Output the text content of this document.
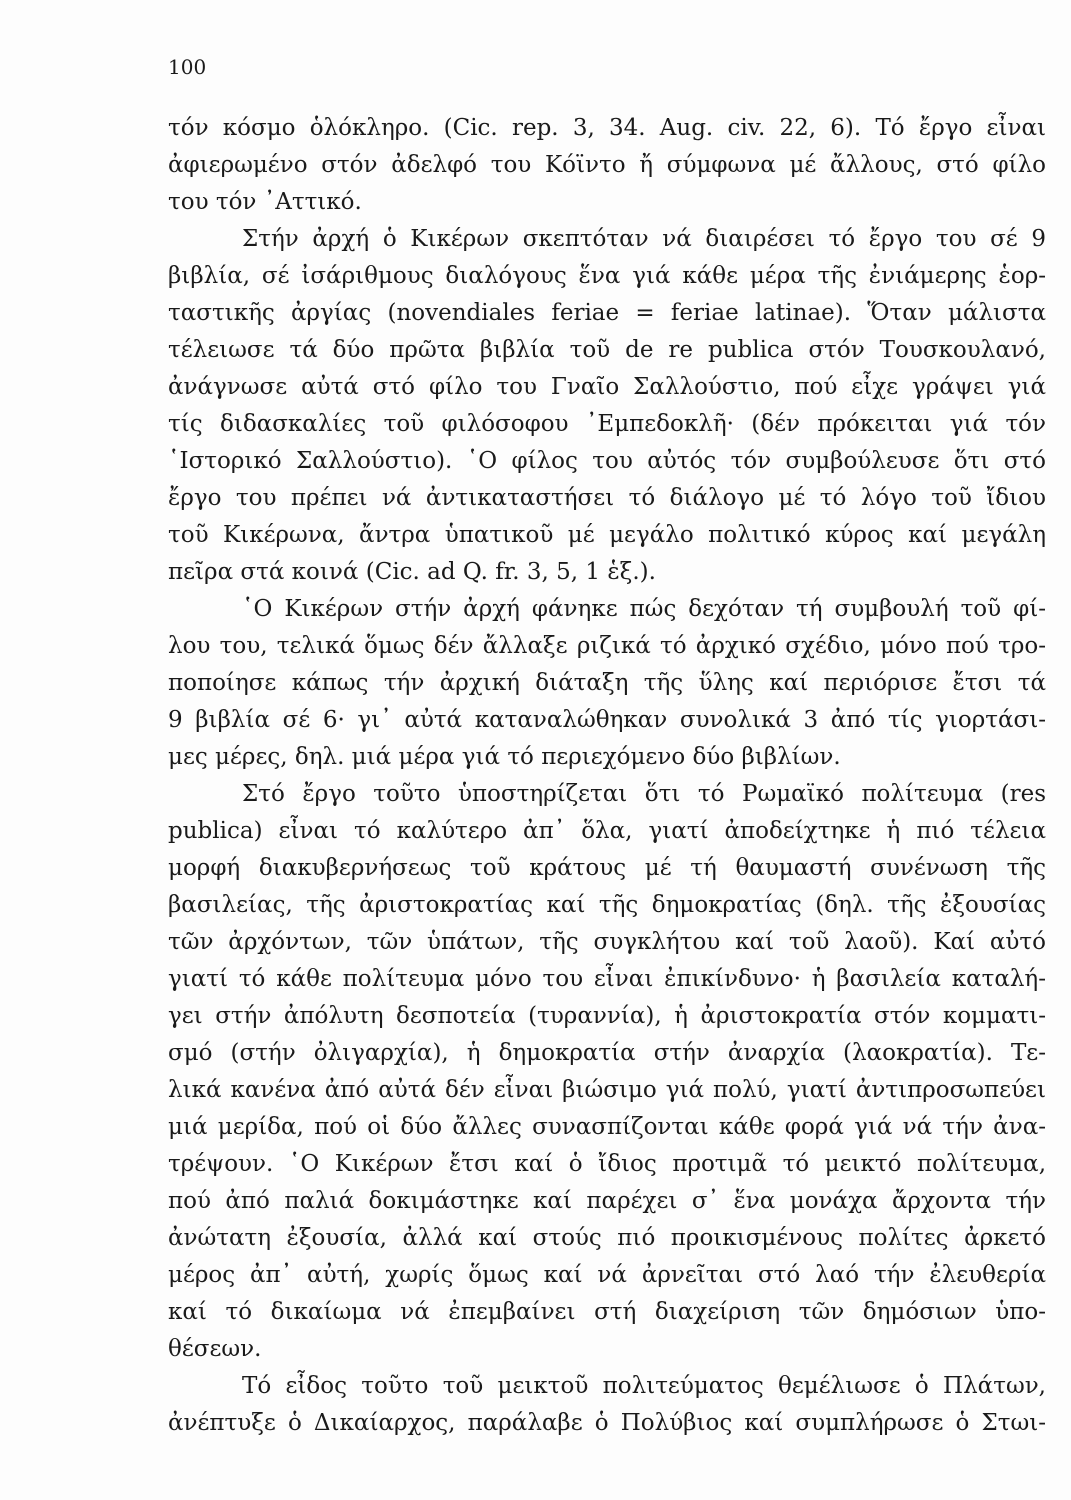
100
τόν κόσμο ὁλόκληρο. (Cic. rep. 3, 34. Aug. civ. 22, 6). Τό ἔργο εἶναι
ἀφιερωμένο στόν ἀδελφό του Κόϊντο ἤ σύμφωνα μέ ἄλλους, στό φίλο
του τόν ᾿Αττικό.
Στήν ἀρχή ὁ Κικέρων σκεπτόταν νά διαιρέσει τό ἔργο του σέ 9
βιβλία, σέ ἰσάριθμους διαλόγους ἕνα γιά κάθε μέρα τῆς ἐνιάμερης ἑορ-
ταστικῆς ἀργίας (novendiales feriae = feriae latinae). Ὅταν μάλιστα
τέλειωσε τά δύο πρῶτα βιβλία τοῦ de re publica στόν Τουσκουλανό,
ἀνάγνωσε αὐτά στό φίλο του Γναῖο Σαλλούστιο, πού εἶχε γράψει γιά
τίς διδασκαλίες τοῦ φιλόσοφου ᾿Εμπεδοκλῆ· (δέν πρόκειται γιά τόν
῾Ιστορικό Σαλλούστιο). ῾Ο φίλος του αὐτός τόν συμβούλευσε ὅτι στό
ἔργο του πρέπει νά ἀντικαταστήσει τό διάλογο μέ τό λόγο τοῦ ἴδιου
τοῦ Κικέρωνα, ἄντρα ὑπατικοῦ μέ μεγάλο πολιτικό κύρος καί μεγάλη
πεῖρα στά κοινά (Cic. ad Q. fr. 3, 5, 1 ἑξ.).
῾Ο Κικέρων στήν ἀρχή φάνηκε πώς δεχόταν τή συμβουλή τοῦ φί-
λου του, τελικά ὅμως δέν ἄλλαξε ριζικά τό ἀρχικό σχέδιο, μόνο πού τρο-
ποποίησε κάπως τήν ἀρχική διάταξη τῆς ὕλης καί περιόρισε ἔτσι τά
9 βιβλία σέ 6· γι᾿ αὐτά καταναλώθηκαν συνολικά 3 ἀπό τίς γιορτάσι-
μες μέρες, δηλ. μιά μέρα γιά τό περιεχόμενο δύο βιβλίων.
Στό ἔργο τοῦτο ὑποστηρίζεται ὅτι τό Ρωμαϊκό πολίτευμα (res
publica) εἶναι τό καλύτερο ἀπ᾿ ὅλα, γιατί ἀποδείχτηκε ἡ πιό τέλεια
μορφή διακυβερνήσεως τοῦ κράτους μέ τή θαυμαστή συνένωση τῆς
βασιλείας, τῆς ἀριστοκρατίας καί τῆς δημοκρατίας (δηλ. τῆς ἐξουσίας
τῶν ἀρχόντων, τῶν ὑπάτων, τῆς συγκλήτου καί τοῦ λαοῦ). Καί αὐτό
γιατί τό κάθε πολίτευμα μόνο του εἶναι ἐπικίνδυνο· ἡ βασιλεία καταλή-
γει στήν ἀπόλυτη δεσποτεία (τυραννία), ἡ ἀριστοκρατία στόν κομματι-
σμό (στήν ὀλιγαρχία), ἡ δημοκρατία στήν ἀναρχία (λαοκρατία). Τε-
λικά κανένα ἀπό αὐτά δέν εἶναι βιώσιμο γιά πολύ, γιατί ἀντιπροσωπεύει
μιά μερίδα, πού οἱ δύο ἄλλες συνασπίζονται κάθε φορά γιά νά τήν ἀνα-
τρέψουν. ῾Ο Κικέρων ἔτσι καί ὁ ἴδιος προτιμᾶ τό μεικτό πολίτευμα,
πού ἀπό παλιά δοκιμάστηκε καί παρέχει σ᾿ ἕνα μονάχα ἄρχοντα τήν
ἀνώτατη ἐξουσία, ἀλλά καί στούς πιό προικισμένους πολίτες ἀρκετό
μέρος ἀπ᾿ αὐτή, χωρίς ὅμως καί νά ἀρνεῖται στό λαό τήν ἐλευθερία
καί τό δικαίωμα νά ἐπεμβαίνει στή διαχείριση τῶν δημόσιων ὑπο-
θέσεων.
Τό εἶδος τοῦτο τοῦ μεικτοῦ πολιτεύματος θεμέλιωσε ὁ Πλάτων,
ἀνέπτυξε ὁ Δικαίαρχος, παράλαβε ὁ Πολύβιος καί συμπλήρωσε ὁ Στωι-
